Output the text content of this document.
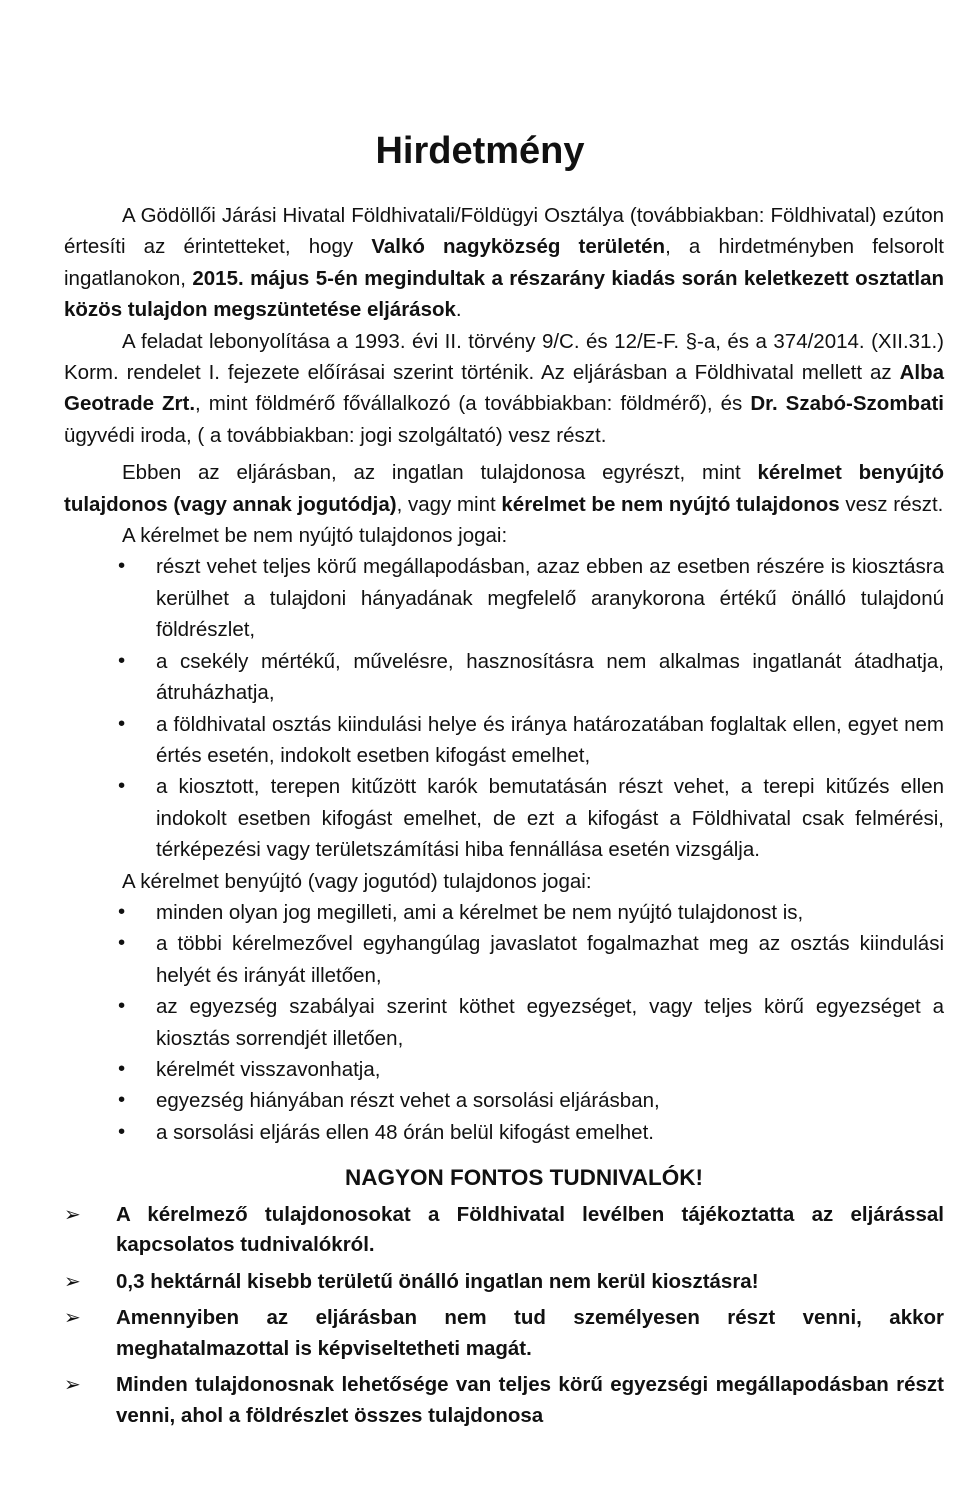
Hirdetmény

A Gödöllői Járási Hivatal Földhivatali/Földügyi Osztálya (továbbiakban: Földhivatal) ezúton értesíti az érintetteket, hogy Valkó nagyközség területén, a hirdetményben felsorolt ingatlanokon, 2015. május 5-én megindultak a részarány kiadás során keletkezett osztatlan közös tulajdon megszüntetése eljárások.

A feladat lebonyolítása a 1993. évi II. törvény 9/C. és 12/E-F. §-a, és a 374/2014. (XII.31.) Korm. rendelet I. fejezete előírásai szerint történik. Az eljárásban a Földhivatal mellett az Alba Geotrade Zrt., mint földmérő fővállalkozó (a továbbiakban: földmérő), és Dr. Szabó-Szombati ügyvédi iroda, ( a továbbiakban: jogi szolgáltató) vesz részt.

Ebben az eljárásban, az ingatlan tulajdonosa egyrészt, mint kérelmet benyújtó tulajdonos (vagy annak jogutódja), vagy mint kérelmet be nem nyújtó tulajdonos vesz részt.

A kérelmet be nem nyújtó tulajdonos jogai:

• részt vehet teljes körű megállapodásban, azaz ebben az esetben részére is kiosztásra kerülhet a tulajdoni hányadának megfelelő aranykorona értékű önálló tulajdonú földrészlet,
• a csekély mértékű, művelésre, hasznosításra nem alkalmas ingatlanát átadhatja, átruházhatja,
• a földhivatal osztás kiindulási helye és iránya határozatában foglaltak ellen, egyet nem értés esetén, indokolt esetben kifogást emelhet,
• a kiosztott, terepen kitűzött karók bemutatásán részt vehet, a terepi kitűzés ellen indokolt esetben kifogást emelhet, de ezt a kifogást a Földhivatal csak felmérési, térképezési vagy területszámítási hiba fennállása esetén vizsgálja.

A kérelmet benyújtó (vagy jogutód) tulajdonos jogai:

• minden olyan jog megilleti, ami a kérelmet be nem nyújtó tulajdonost is,
• a többi kérelmezővel egyhangúlag javaslatot fogalmazhat meg az osztás kiindulási helyét és irányát illetően,
• az egyezség szabályai szerint köthet egyezséget, vagy teljes körű egyezséget a kiosztás sorrendjét illetően,
• kérelmét visszavonhatja,
• egyezség hiányában részt vehet a sorsolási eljárásban,
• a sorsolási eljárás ellen 48 órán belül kifogást emelhet.

NAGYON FONTOS TUDNIVALÓK!

➢ A kérelmező tulajdonosokat a Földhivatal levélben tájékoztatta az eljárással kapcsolatos tudnivalókról.
➢ 0,3 hektárnál kisebb területű önálló ingatlan nem kerül kiosztásra!
➢ Amennyiben az eljárásban nem tud személyesen részt venni, akkor meghatalmazottal is képviseltetheti magát.
➢ Minden tulajdonosnak lehetősége van teljes körű egyezségi megállapodásban részt venni, ahol a földrészlet összes tulajdonosa
